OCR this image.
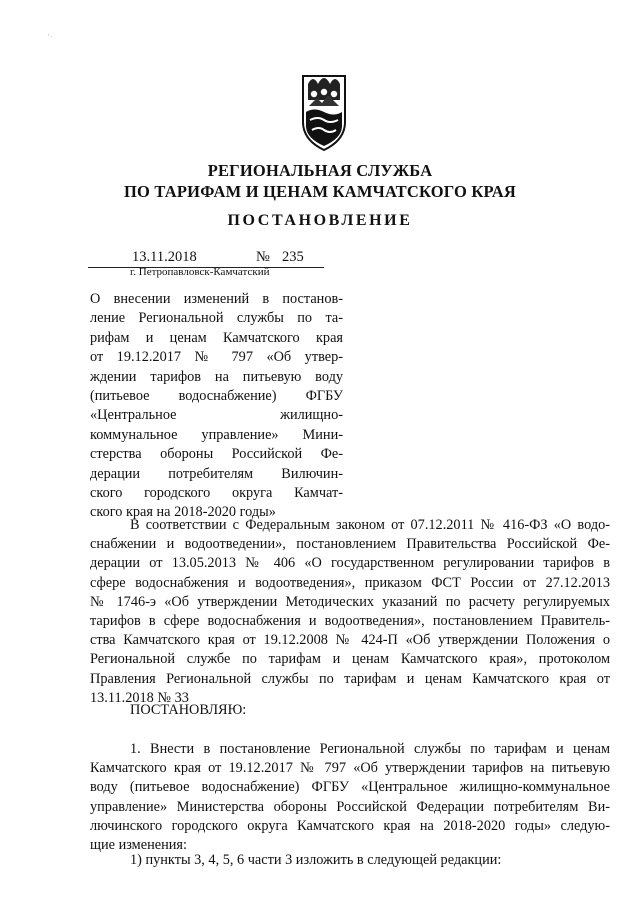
' ·
РЕГИОНАЛЬНАЯ СЛУЖБА
ПО ТАРИФАМ И ЦЕНАМ КАМЧАТСКОГО КРАЯ
ПОСТАНОВЛЕНИЕ
13.11.2018	№ 235
г. Петропавловск-Камчатский
О внесении изменений в постанов-
ление Региональной службы по та-
рифам и ценам Камчатского края
от 19.12.2017 № 797 «Об утвер-
ждении тарифов на питьевую воду
(питьевое водоснабжение) ФГБУ
«Центральное жилищно-
коммунальное управление» Мини-
стерства обороны Российской Фе-
дерации потребителям Вилючин-
ского городского округа Камчат-
ского края на 2018-2020 годы»
В соответствии с Федеральным законом от 07.12.2011 № 416-ФЗ «О водо-
снабжении и водоотведении», постановлением Правительства Российской Фе-
дерации от 13.05.2013 № 406 «О государственном регулировании тарифов в
сфере водоснабжения и водоотведения», приказом ФСТ России от 27.12.2013
№ 1746-э «Об утверждении Методических указаний по расчету регулируемых
тарифов в сфере водоснабжения и водоотведения», постановлением Правитель-
ства Камчатского края от 19.12.2008 № 424-П «Об утверждении Положения о
Региональной службе по тарифам и ценам Камчатского края», протоколом
Правления Региональной службы по тарифам и ценам Камчатского края от
13.11.2018 № 33
ПОСТАНОВЛЯЮ:
1. Внести в постановление Региональной службы по тарифам и ценам
Камчатского края от 19.12.2017 № 797 «Об утверждении тарифов на питьевую
воду (питьевое водоснабжение) ФГБУ «Центральное жилищно-коммунальное
управление» Министерства обороны Российской Федерации потребителям Ви-
лючинского городского округа Камчатского края на 2018-2020 годы» следую-
щие изменения:
1) пункты 3, 4, 5, 6 части 3 изложить в следующей редакции:
